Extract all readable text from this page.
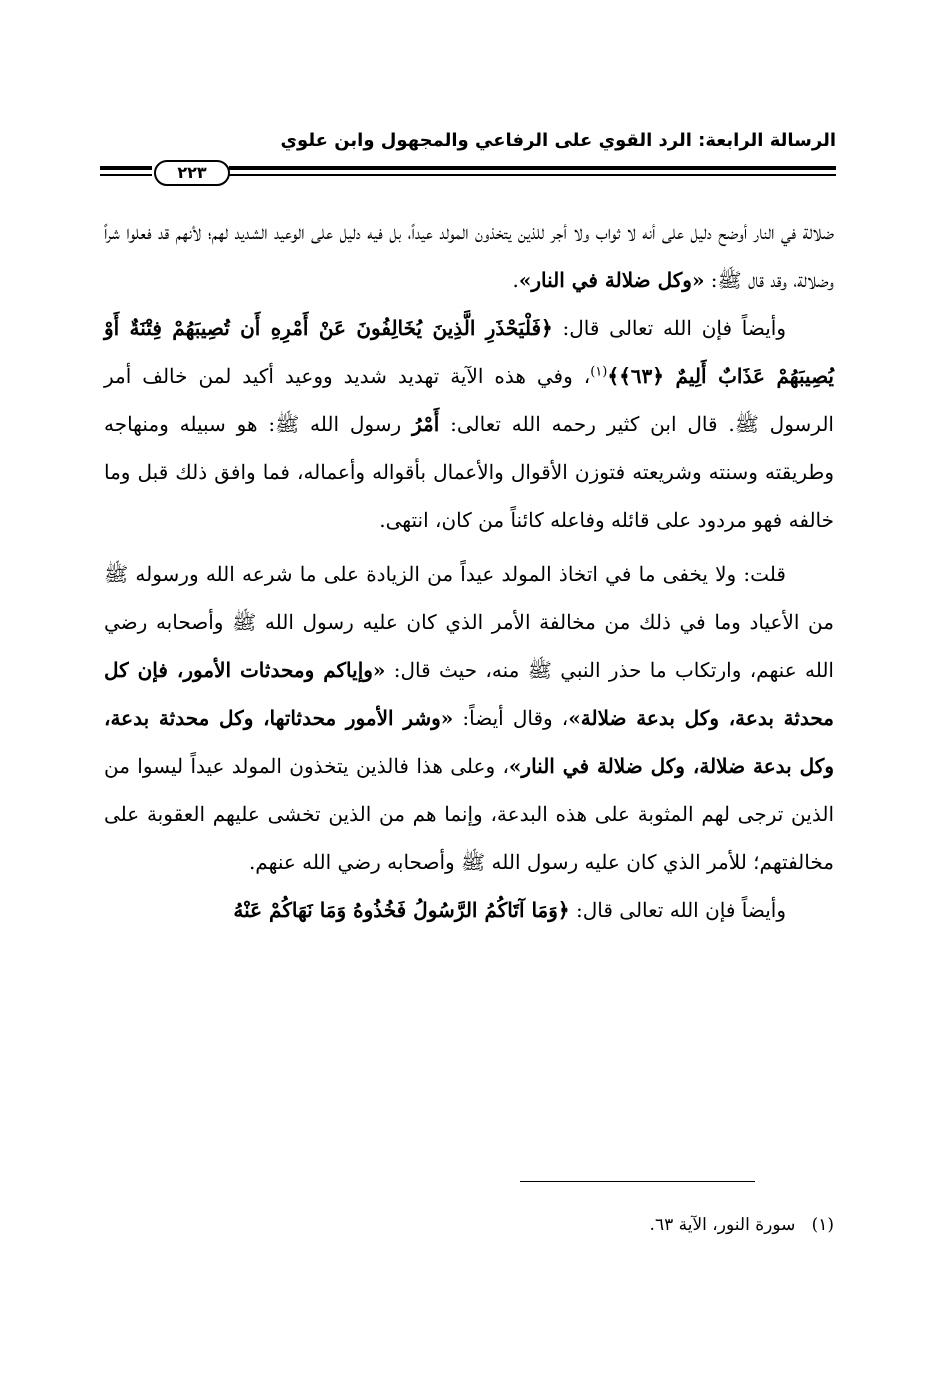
الرسالة الرابعة: الرد القوي على الرفاعي والمجهول وابن علوي
٢٢٣

ضلالة في النار أوضح دليل على أنه لا ثواب ولا أجر للذين يتخذون المولد عيداً، بل فيه دليل على الوعيد الشديد لهم؛ لأنهم قد فعلوا شراً وضلالة، وقد قال ﷺ: «وكل ضلالة في النار».

وأيضاً فإن الله تعالى قال: ﴿فَلْيَحْذَرِ الَّذِينَ يُخَالِفُونَ عَنْ أَمْرِهِ أَن تُصِيبَهُمْ فِتْنَةٌ أَوْ يُصِيبَهُمْ عَذَابٌ أَلِيمٌ ﴿٦٣﴾﴾$^{(١)}$، وفي هذه الآية تهديد شديد ووعيد أكيد لمن خالف أمر الرسول ﷺ. قال ابن كثير رحمه الله تعالى: أَمْرُ رسول الله ﷺ: هو سبيله ومنهاجه وطريقته وسنته وشريعته فتوزن الأقوال والأعمال بأقواله وأعماله، فما وافق ذلك قبل وما خالفه فهو مردود على قائله وفاعله كائناً من كان، انتهى.

قلت: ولا يخفى ما في اتخاذ المولد عيداً من الزيادة على ما شرعه الله ورسوله ﷺ من الأعياد وما في ذلك من مخالفة الأمر الذي كان عليه رسول الله ﷺ وأصحابه رضي الله عنهم، وارتكاب ما حذر النبي ﷺ منه، حيث قال: «وإياكم ومحدثات الأمور، فإن كل محدثة بدعة، وكل بدعة ضلالة»، وقال أيضاً: «وشر الأمور محدثاتها، وكل محدثة بدعة، وكل بدعة ضلالة، وكل ضلالة في النار»، وعلى هذا فالذين يتخذون المولد عيداً ليسوا من الذين ترجى لهم المثوبة على هذه البدعة، وإنما هم من الذين تخشى عليهم العقوبة على مخالفتهم؛ للأمر الذي كان عليه رسول الله ﷺ وأصحابه رضي الله عنهم.

وأيضاً فإن الله تعالى قال: ﴿وَمَا آتَاكُمُ الرَّسُولُ فَخُذُوهُ وَمَا نَهَاكُمْ عَنْهُ

(١)   سورة النور، الآية ٦٣.
